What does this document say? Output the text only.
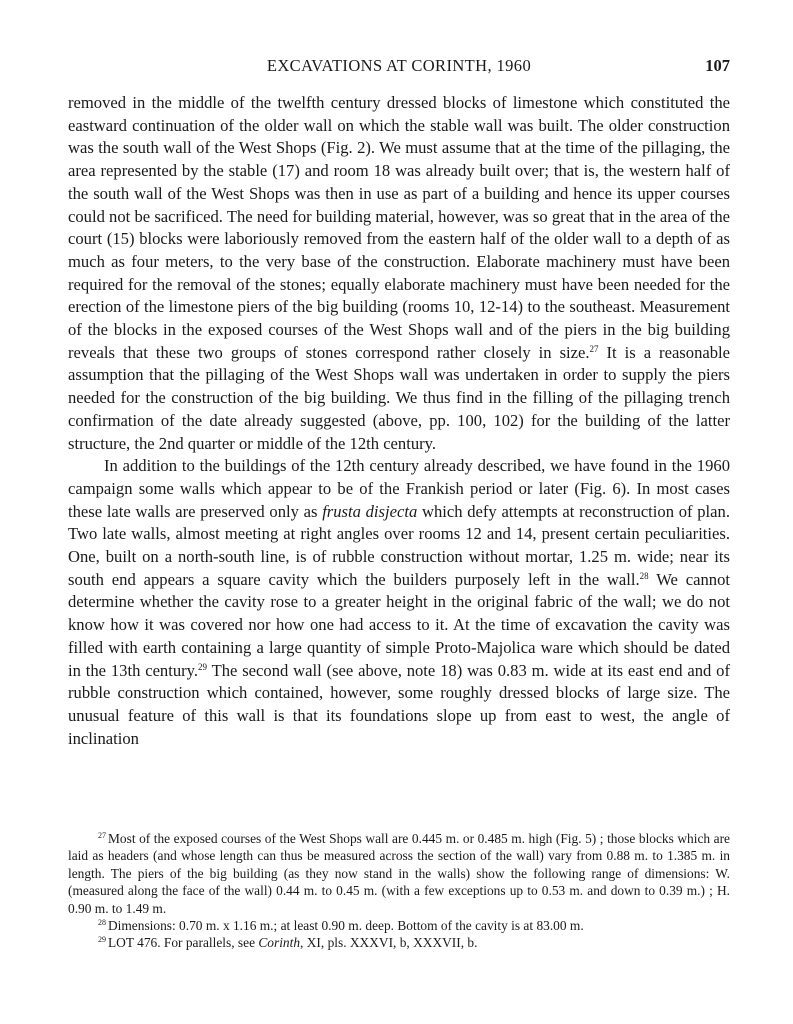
EXCAVATIONS AT CORINTH, 1960	107

removed in the middle of the twelfth century dressed blocks of limestone which constituted the eastward continuation of the older wall on which the stable wall was built. The older construction was the south wall of the West Shops (Fig. 2). We must assume that at the time of the pillaging, the area represented by the stable (17) and room 18 was already built over; that is, the western half of the south wall of the West Shops was then in use as part of a building and hence its upper courses could not be sacrificed. The need for building material, however, was so great that in the area of the court (15) blocks were laboriously removed from the eastern half of the older wall to a depth of as much as four meters, to the very base of the construction. Elaborate machinery must have been required for the removal of the stones; equally elaborate machinery must have been needed for the erection of the limestone piers of the big building (rooms 10, 12-14) to the southeast. Measurement of the blocks in the exposed courses of the West Shops wall and of the piers in the big building reveals that these two groups of stones correspond rather closely in size.$^{27}$ It is a reasonable assumption that the pillaging of the West Shops wall was undertaken in order to supply the piers needed for the construction of the big building. We thus find in the filling of the pillaging trench confirmation of the date already suggested (above, pp. 100, 102) for the building of the latter structure, the 2nd quarter or middle of the 12th century.

In addition to the buildings of the 12th century already described, we have found in the 1960 campaign some walls which appear to be of the Frankish period or later (Fig. 6). In most cases these late walls are preserved only as frusta disjecta which defy attempts at reconstruction of plan. Two late walls, almost meeting at right angles over rooms 12 and 14, present certain peculiarities. One, built on a north-south line, is of rubble construction without mortar, 1.25 m. wide; near its south end appears a square cavity which the builders purposely left in the wall.$^{28}$ We cannot determine whether the cavity rose to a greater height in the original fabric of the wall; we do not know how it was covered nor how one had access to it. At the time of excavation the cavity was filled with earth containing a large quantity of simple Proto-Majolica ware which should be dated in the 13th century.$^{29}$ The second wall (see above, note 18) was 0.83 m. wide at its east end and of rubble construction which contained, however, some roughly dressed blocks of large size. The unusual feature of this wall is that its foundations slope up from east to west, the angle of inclination

$^{27}$ Most of the exposed courses of the West Shops wall are 0.445 m. or 0.485 m. high (Fig. 5) ; those blocks which are laid as headers (and whose length can thus be measured across the section of the wall) vary from 0.88 m. to 1.385 m. in length. The piers of the big building (as they now stand in the walls) show the following range of dimensions: W. (measured along the face of the wall) 0.44 m. to 0.45 m. (with a few exceptions up to 0.53 m. and down to 0.39 m.) ; H. 0.90 m. to 1.49 m.

$^{28}$ Dimensions: 0.70 m. x 1.16 m.; at least 0.90 m. deep. Bottom of the cavity is at 83.00 m.

$^{29}$ LOT 476. For parallels, see Corinth, XI, pls. XXXVI, b, XXXVII, b.
